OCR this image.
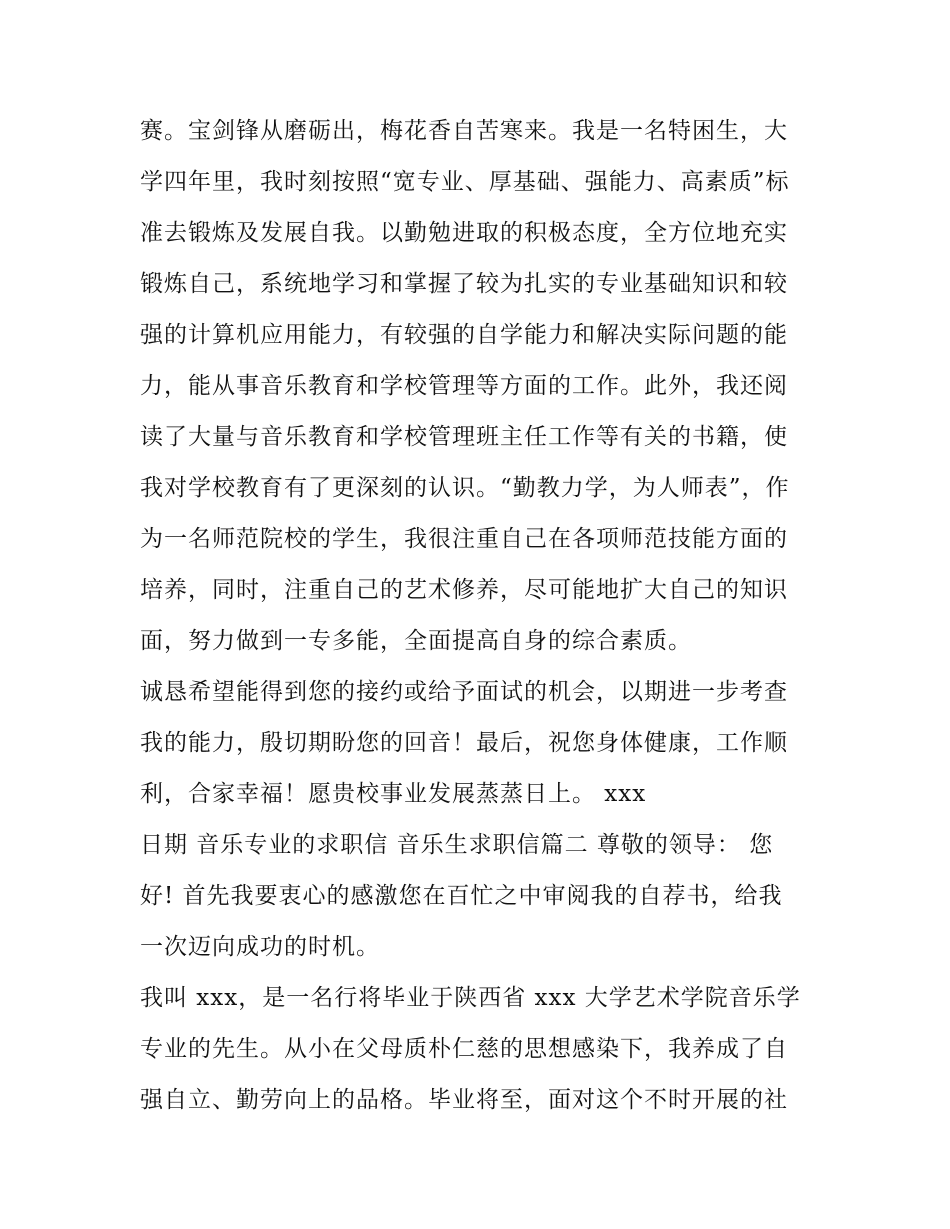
赛。宝剑锋从磨砺出，梅花香自苦寒来。我是一名特困生，大
学四年里，我时刻按照“宽专业、厚基础、强能力、高素质”标
准去锻炼及发展自我。以勤勉进取的积极态度，全方位地充实
锻炼自己，系统地学习和掌握了较为扎实的专业基础知识和较
强的计算机应用能力，有较强的自学能力和解决实际问题的能
力，能从事音乐教育和学校管理等方面的工作。此外，我还阅
读了大量与音乐教育和学校管理班主任工作等有关的书籍，使
我对学校教育有了更深刻的认识。“勤教力学，为人师表”，作
为一名师范院校的学生，我很注重自己在各项师范技能方面的
培养，同时，注重自己的艺术修养，尽可能地扩大自己的知识
面，努力做到一专多能，全面提高自身的综合素质。
诚恳希望能得到您的接约或给予面试的机会，以期进一步考查
我的能力，殷切期盼您的回音！最后，祝您身体健康，工作顺
利，合家幸福！愿贵校事业发展蒸蒸日上。 xxx
日期 音乐专业的求职信 音乐生求职信篇二 尊敬的领导： 您
好! 首先我要衷心的感激您在百忙之中审阅我的自荐书，给我
一次迈向成功的时机。
我叫 xxx，是一名行将毕业于陕西省 xxx 大学艺术学院音乐学
专业的先生。从小在父母质朴仁慈的思想感染下，我养成了自
强自立、勤劳向上的品格。毕业将至，面对这个不时开展的社
